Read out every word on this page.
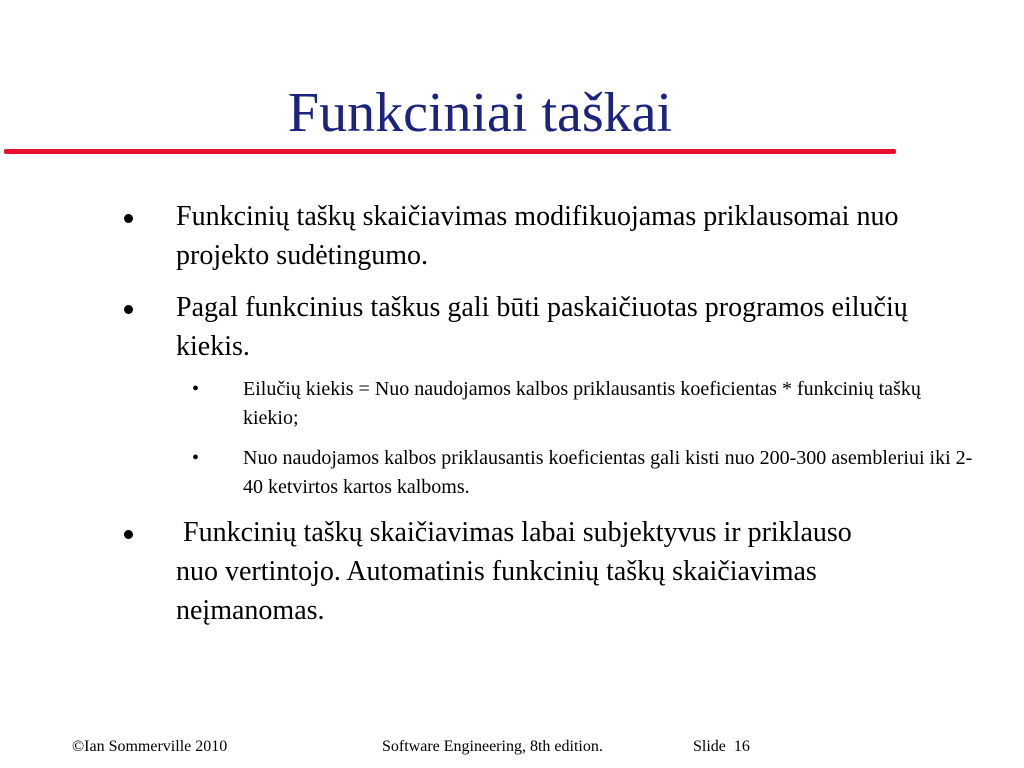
Funkciniai taškai
Funkcinių taškų skaičiavimas modifikuojamas priklausomai nuo projekto sudėtingumo.
Pagal funkcinius taškus gali būti paskaičiuotas programos eilučių kiekis.
• Eilučių kiekis = Nuo naudojamos kalbos priklausantis koeficientas * funkcinių taškų kiekio;
• Nuo naudojamos kalbos priklausantis koeficientas gali kisti nuo 200-300 asembleriui iki 2-40 ketvirtos kartos kalboms.
Funkcinių taškų skaičiavimas labai subjektyvus ir priklauso nuo vertintojo. Automatinis funkcinių taškų skaičiavimas neįmanomas.
©Ian Sommerville 2010	Software Engineering, 8th edition.	Slide  16
